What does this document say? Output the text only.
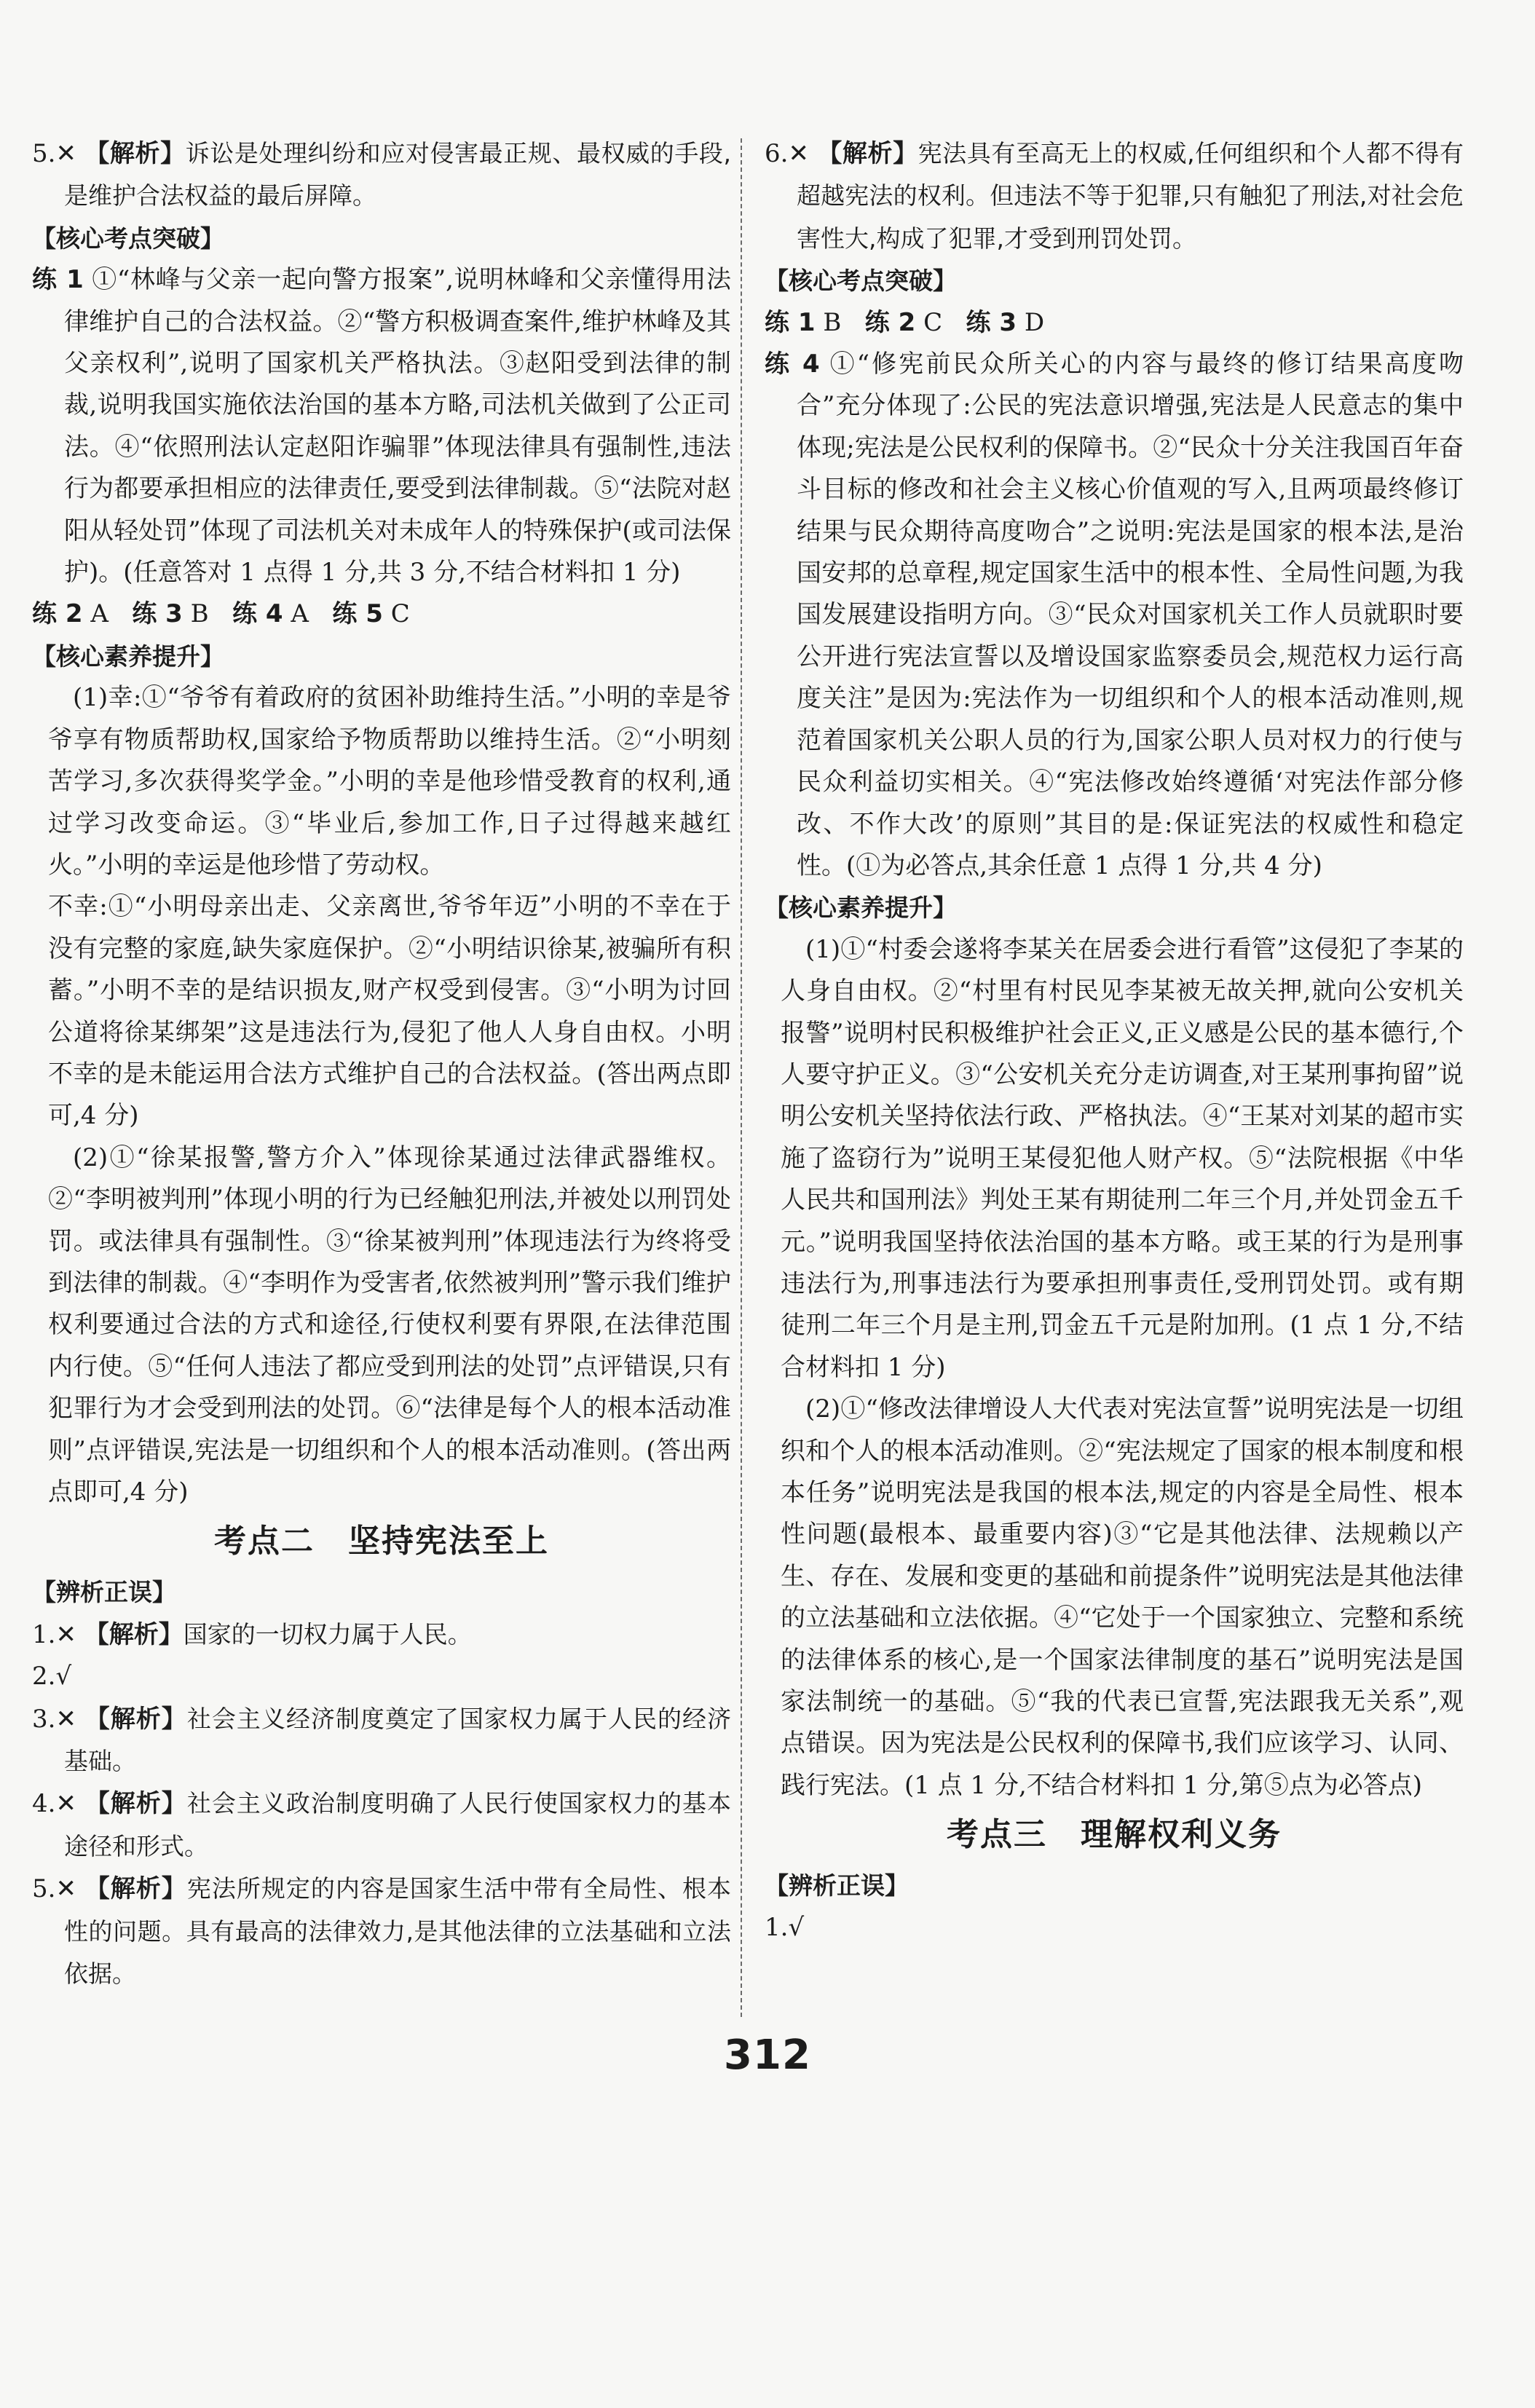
5.✕ 【解析】诉讼是处理纠纷和应对侵害最正规、最权威的手段,是维护合法权益的最后屏障。
【核心考点突破】
练 1 ①“林峰与父亲一起向警方报案”,说明林峰和父亲懂得用法律维护自己的合法权益。②“警方积极调查案件,维护林峰及其父亲权利”,说明了国家机关严格执法。③赵阳受到法律的制裁,说明我国实施依法治国的基本方略,司法机关做到了公正司法。④“依照刑法认定赵阳诈骗罪”体现法律具有强制性,违法行为都要承担相应的法律责任,要受到法律制裁。⑤“法院对赵阳从轻处罚”体现了司法机关对未成年人的特殊保护(或司法保护)。(任意答对 1 点得 1 分,共 3 分,不结合材料扣 1 分)
练 2 A 练 3 B 练 4 A 练 5 C
【核心素养提升】
(1)幸:①“爷爷有着政府的贫困补助维持生活。”小明的幸是爷爷享有物质帮助权,国家给予物质帮助以维持生活。②“小明刻苦学习,多次获得奖学金。”小明的幸是他珍惜受教育的权利,通过学习改变命运。③“毕业后,参加工作,日子过得越来越红火。”小明的幸运是他珍惜了劳动权。
不幸:①“小明母亲出走、父亲离世,爷爷年迈”小明的不幸在于没有完整的家庭,缺失家庭保护。②“小明结识徐某,被骗所有积蓄。”小明不幸的是结识损友,财产权受到侵害。③“小明为讨回公道将徐某绑架”这是违法行为,侵犯了他人人身自由权。小明不幸的是未能运用合法方式维护自己的合法权益。(答出两点即可,4 分)
(2)①“徐某报警,警方介入”体现徐某通过法律武器维权。②“李明被判刑”体现小明的行为已经触犯刑法,并被处以刑罚处罚。或法律具有强制性。③“徐某被判刑”体现违法行为终将受到法律的制裁。④“李明作为受害者,依然被判刑”警示我们维护权利要通过合法的方式和途径,行使权利要有界限,在法律范围内行使。⑤“任何人违法了都应受到刑法的处罚”点评错误,只有犯罪行为才会受到刑法的处罚。⑥“法律是每个人的根本活动准则”点评错误,宪法是一切组织和个人的根本活动准则。(答出两点即可,4 分)
考点二　坚持宪法至上
【辨析正误】
1.✕ 【解析】国家的一切权力属于人民。
2.√
3.✕ 【解析】社会主义经济制度奠定了国家权力属于人民的经济基础。
4.✕ 【解析】社会主义政治制度明确了人民行使国家权力的基本途径和形式。
5.✕ 【解析】宪法所规定的内容是国家生活中带有全局性、根本性的问题。具有最高的法律效力,是其他法律的立法基础和立法依据。
6.✕ 【解析】宪法具有至高无上的权威,任何组织和个人都不得有超越宪法的权利。但违法不等于犯罪,只有触犯了刑法,对社会危害性大,构成了犯罪,才受到刑罚处罚。
【核心考点突破】
练 1 B 练 2 C 练 3 D
练 4 ①“修宪前民众所关心的内容与最终的修订结果高度吻合”充分体现了:公民的宪法意识增强,宪法是人民意志的集中体现;宪法是公民权利的保障书。②“民众十分关注我国百年奋斗目标的修改和社会主义核心价值观的写入,且两项最终修订结果与民众期待高度吻合”之说明:宪法是国家的根本法,是治国安邦的总章程,规定国家生活中的根本性、全局性问题,为我国发展建设指明方向。③“民众对国家机关工作人员就职时要公开进行宪法宣誓以及增设国家监察委员会,规范权力运行高度关注”是因为:宪法作为一切组织和个人的根本活动准则,规范着国家机关公职人员的行为,国家公职人员对权力的行使与民众利益切实相关。④“宪法修改始终遵循‘对宪法作部分修改、不作大改’的原则”其目的是:保证宪法的权威性和稳定性。(①为必答点,其余任意 1 点得 1 分,共 4 分)
【核心素养提升】
(1)①“村委会遂将李某关在居委会进行看管”这侵犯了李某的人身自由权。②“村里有村民见李某被无故关押,就向公安机关报警”说明村民积极维护社会正义,正义感是公民的基本德行,个人要守护正义。③“公安机关充分走访调查,对王某刑事拘留”说明公安机关坚持依法行政、严格执法。④“王某对刘某的超市实施了盗窃行为”说明王某侵犯他人财产权。⑤“法院根据《中华人民共和国刑法》判处王某有期徒刑二年三个月,并处罚金五千元。”说明我国坚持依法治国的基本方略。或王某的行为是刑事违法行为,刑事违法行为要承担刑事责任,受刑罚处罚。或有期徒刑二年三个月是主刑,罚金五千元是附加刑。(1 点 1 分,不结合材料扣 1 分)
(2)①“修改法律增设人大代表对宪法宣誓”说明宪法是一切组织和个人的根本活动准则。②“宪法规定了国家的根本制度和根本任务”说明宪法是我国的根本法,规定的内容是全局性、根本性问题(最根本、最重要内容)③“它是其他法律、法规赖以产生、存在、发展和变更的基础和前提条件”说明宪法是其他法律的立法基础和立法依据。④“它处于一个国家独立、完整和系统的法律体系的核心,是一个国家法律制度的基石”说明宪法是国家法制统一的基础。⑤“我的代表已宣誓,宪法跟我无关系”,观点错误。因为宪法是公民权利的保障书,我们应该学习、认同、践行宪法。(1 点 1 分,不结合材料扣 1 分,第⑤点为必答点)
考点三　理解权利义务
【辨析正误】
1.√
312
